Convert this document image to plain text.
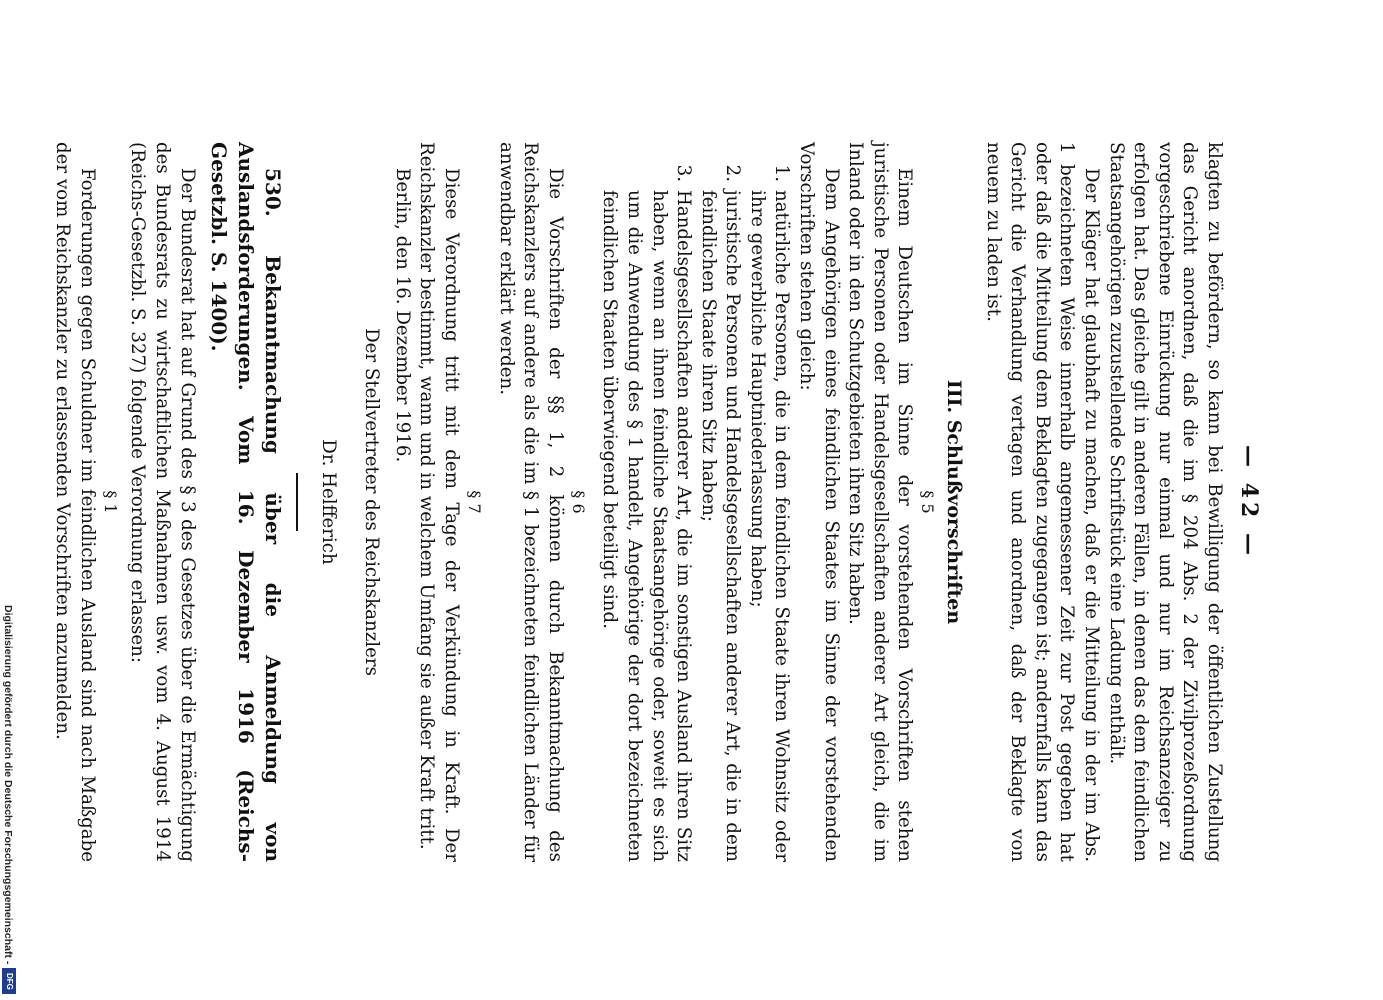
— 42 —

klagten zu befördern, so kann bei Bewilligung der öffentlichen Zustellung das Gericht anordnen, daß die im § 204 Abs. 2 der Zivilprozeßordnung vorgeschriebene Einrückung nur einmal und nur im Reichsanzeiger zu erfolgen hat. Das gleiche gilt in anderen Fällen, in denen das dem feindlichen Staatsangehörigen zuzustellende Schriftstück eine Ladung enthält.

Der Kläger hat glaubhaft zu machen, daß er die Mitteilung in der im Abs. 1 bezeichneten Weise innerhalb angemessener Zeit zur Post gegeben hat oder daß die Mitteilung dem Beklagten zugegangen ist; andernfalls kann das Gericht die Verhandlung vertagen und anordnen, daß der Beklagte von neuem zu laden ist.

III. Schlußvorschriften

§ 5

Einem Deutschen im Sinne der vorstehenden Vorschriften stehen juristische Personen oder Handelsgesellschaften anderer Art gleich, die im Inland oder in den Schutzgebieten ihren Sitz haben.

Dem Angehörigen eines feindlichen Staates im Sinne der vorstehenden Vorschriften stehen gleich:

1.
natürliche Personen, die in dem feindlichen Staate ihren Wohnsitz oder ihre gewerbliche Hauptniederlassung haben;
2.
juristische Personen und Handelsgesellschaften anderer Art, die in dem feindlichen Staate ihren Sitz haben;
3.
Handelsgesellschaften anderer Art, die im sonstigen Ausland ihren Sitz haben, wenn an ihnen feindliche Staatsangehörige oder, soweit es sich um die Anwendung des § 1 handelt, Angehörige der dort bezeichneten feindlichen Staaten überwiegend beteiligt sind.

§ 6

Die Vorschriften der §§ 1, 2 können durch Bekanntmachung des Reichskanzlers auf andere als die im § 1 bezeichneten feindlichen Länder für anwendbar erklärt werden.

§ 7

Diese Verordnung tritt mit dem Tage der Verkündung in Kraft. Der Reichskanzler bestimmt, wann und in welchem Umfang sie außer Kraft tritt.

Berlin, den 16. Dezember 1916.

Der Stellvertreter des Reichskanzlers

Dr. Helfferich

530. Bekanntmachung über die Anmeldung von Auslandsforderungen. Vom 16. Dezember 1916 (Reichs-Gesetzbl. S. 1400).

Der Bundesrat hat auf Grund des § 3 des Gesetzes über die Ermächtigung des Bundesrats zu wirtschaftlichen Maßnahmen usw. vom 4. August 1914 (Reichs-Gesetzbl. S. 327) folgende Verordnung erlassen:

§ 1

Forderungen gegen Schuldner im feindlichen Ausland sind nach Maßgabe der vom Reichskanzler zu erlassenden Vorschriften anzumelden.

Digitalisierung gefördert durch die Deutsche Forschungsgemeinschaft -
DFG
